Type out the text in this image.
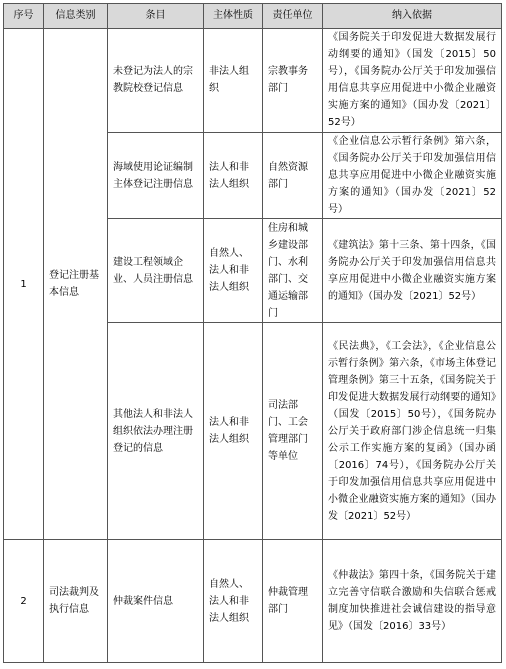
序号	信息类别	条目	主体性质	责任单位	纳入依据
1	登记注册基本信息	未登记为法人的宗教院校登记信息	非法人组织	宗教事务部门	《国务院关于印发促进大数据发展行动纲要的通知》（国发〔2015〕50号），《国务院办公厅关于印发加强信用信息共享应用促进中小微企业融资实施方案的通知》（国办发〔2021〕52号）
		海域使用论证编制主体登记注册信息	法人和非法人组织	自然资源部门	《企业信息公示暂行条例》第六条，《国务院办公厅关于印发加强信用信息共享应用促进中小微企业融资实施方案的通知》（国办发〔2021〕52号）
		建设工程领域企业、人员注册信息	自然人、法人和非法人组织	住房和城乡建设部门、水利部门、交通运输部门	《建筑法》第十三条、第十四条，《国务院办公厅关于印发加强信用信息共享应用促进中小微企业融资实施方案的通知》（国办发〔2021〕52号）
		其他法人和非法人组织依法办理注册登记的信息	法人和非法人组织	司法部门、工会管理部门等单位	《民法典》，《工会法》，《企业信息公示暂行条例》第六条，《市场主体登记管理条例》第三十五条，《国务院关于印发促进大数据发展行动纲要的通知》（国发〔2015〕50号），《国务院办公厅关于政府部门涉企信息统一归集公示工作实施方案的复函》（国办函〔2016〕74号），《国务院办公厅关于印发加强信用信息共享应用促进中小微企业融资实施方案的通知》（国办发〔2021〕52号）
2	司法裁判及执行信息	仲裁案件信息	自然人、法人和非法人组织	仲裁管理部门	《仲裁法》第四十条，《国务院关于建立完善守信联合激励和失信联合惩戒制度加快推进社会诚信建设的指导意见》（国发〔2016〕33号）
